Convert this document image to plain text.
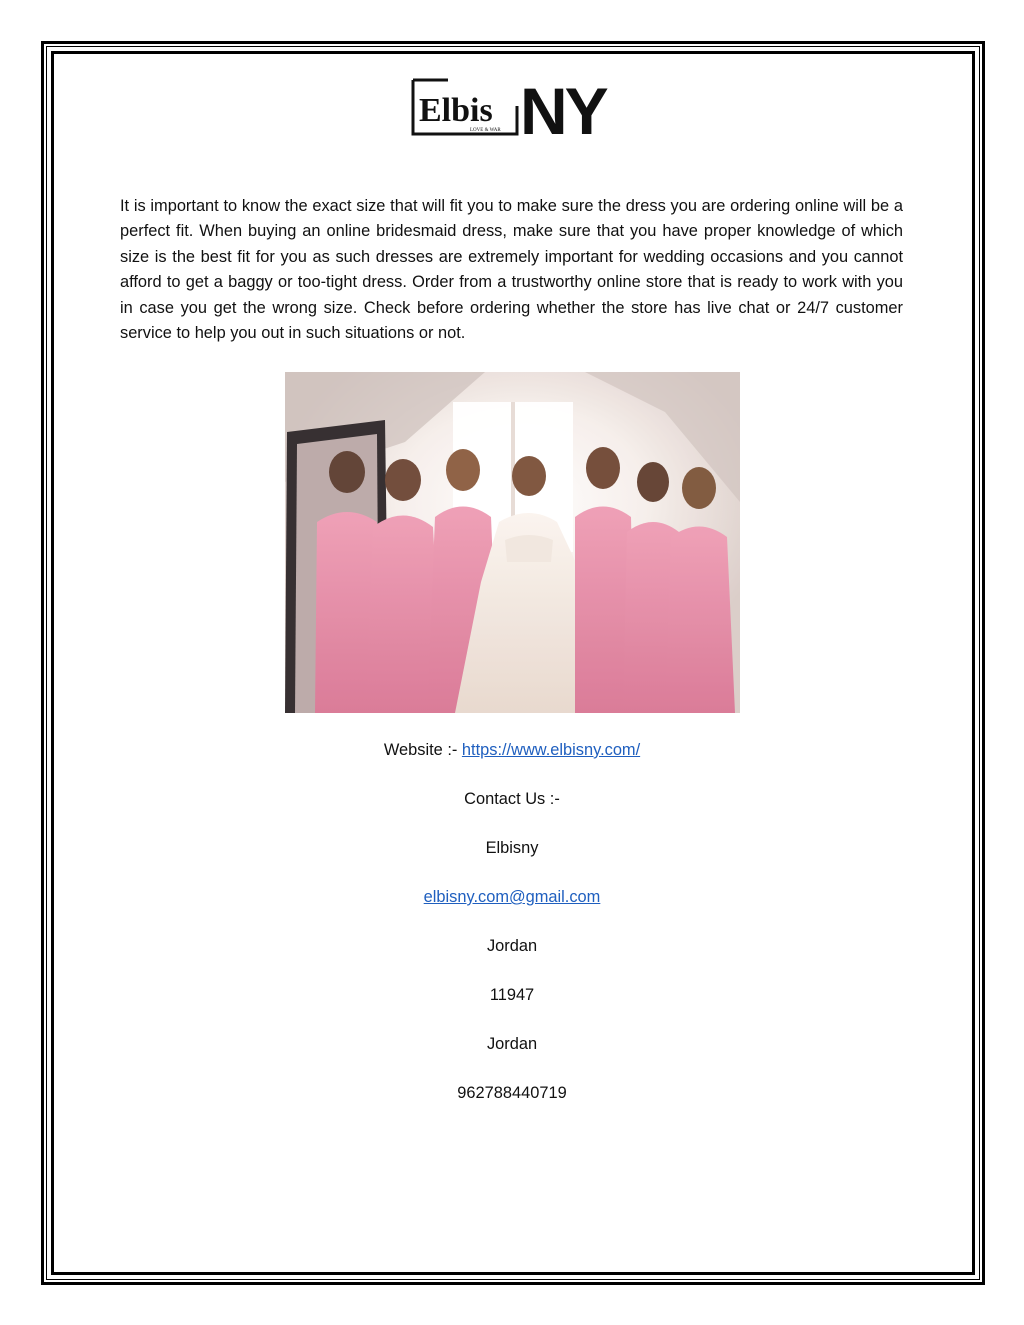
Elbis
LOVE & WAR NY

It is important to know the exact size that will fit you to make sure the dress you are ordering online will be a perfect fit. When buying an online bridesmaid dress, make sure that you have proper knowledge of which size is the best fit for you as such dresses are extremely important for wedding occasions and you cannot afford to get a baggy or too-tight dress. Order from a trustworthy online store that is ready to work with you in case you get the wrong size. Check before ordering whether the store has live chat or 24/7 customer service to help you out in such situations or not.

Website :- https://www.elbisny.com/

Contact Us :-

Elbisny

elbisny.com@gmail.com

Jordan

11947

Jordan

962788440719
